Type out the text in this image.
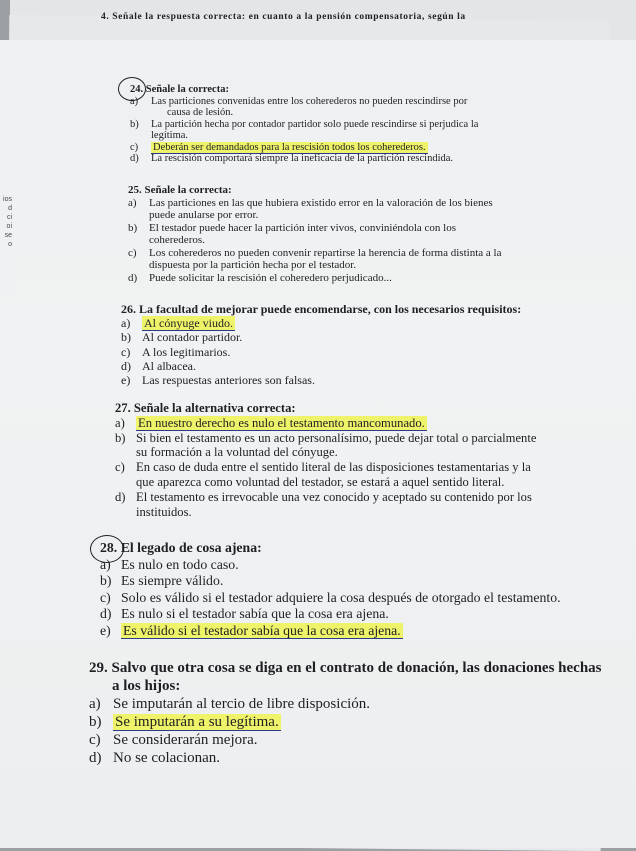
4. Señale la respuesta correcta: en cuanto a la pensión compensatoria, según la
ios
d
ci
oi
se
o
24. Señale la correcta:
a) Las particiones convenidas entre los coherederos no pueden rescindirse por
causa de lesión.
b) La partición hecha por contador partidor solo puede rescindirse si perjudica la
legítima.
c) Deberán ser demandados para la rescisión todos los coherederos.
d) La rescisión comportará siempre la ineficacia de la partición rescindida.
25. Señale la correcta:
a) Las particiones en las que hubiera existido error en la valoración de los bienes
puede anularse por error.
b) El testador puede hacer la partición inter vivos, conviniéndola con los
coherederos.
c) Los coherederos no pueden convenir repartirse la herencia de forma distinta a la
dispuesta por la partición hecha por el testador.
d) Puede solicitar la rescisión el coheredero perjudicado...
26. La facultad de mejorar puede encomendarse, con los necesarios requisitos:
a) Al cónyuge viudo.
b) Al contador partidor.
c) A los legitimarios.
d) Al albacea.
e) Las respuestas anteriores son falsas.
27. Señale la alternativa correcta:
a) En nuestro derecho es nulo el testamento mancomunado.
b) Si bien el testamento es un acto personalísimo, puede dejar total o parcialmente
su formación a la voluntad del cónyuge.
c) En caso de duda entre el sentido literal de las disposiciones testamentarias y la
que aparezca como voluntad del testador, se estará a aquel sentido literal.
d) El testamento es irrevocable una vez conocido y aceptado su contenido por los
instituidos.
28. El legado de cosa ajena:
a) Es nulo en todo caso.
b) Es siempre válido.
c) Solo es válido si el testador adquiere la cosa después de otorgado el testamento.
d) Es nulo si el testador sabía que la cosa era ajena.
e) Es válido si el testador sabía que la cosa era ajena.
29. Salvo que otra cosa se diga en el contrato de donación, las donaciones hechas
a los hijos:
a) Se imputarán al tercio de libre disposición.
b) Se imputarán a su legítima.
c) Se considerarán mejora.
d) No se colacionan.
